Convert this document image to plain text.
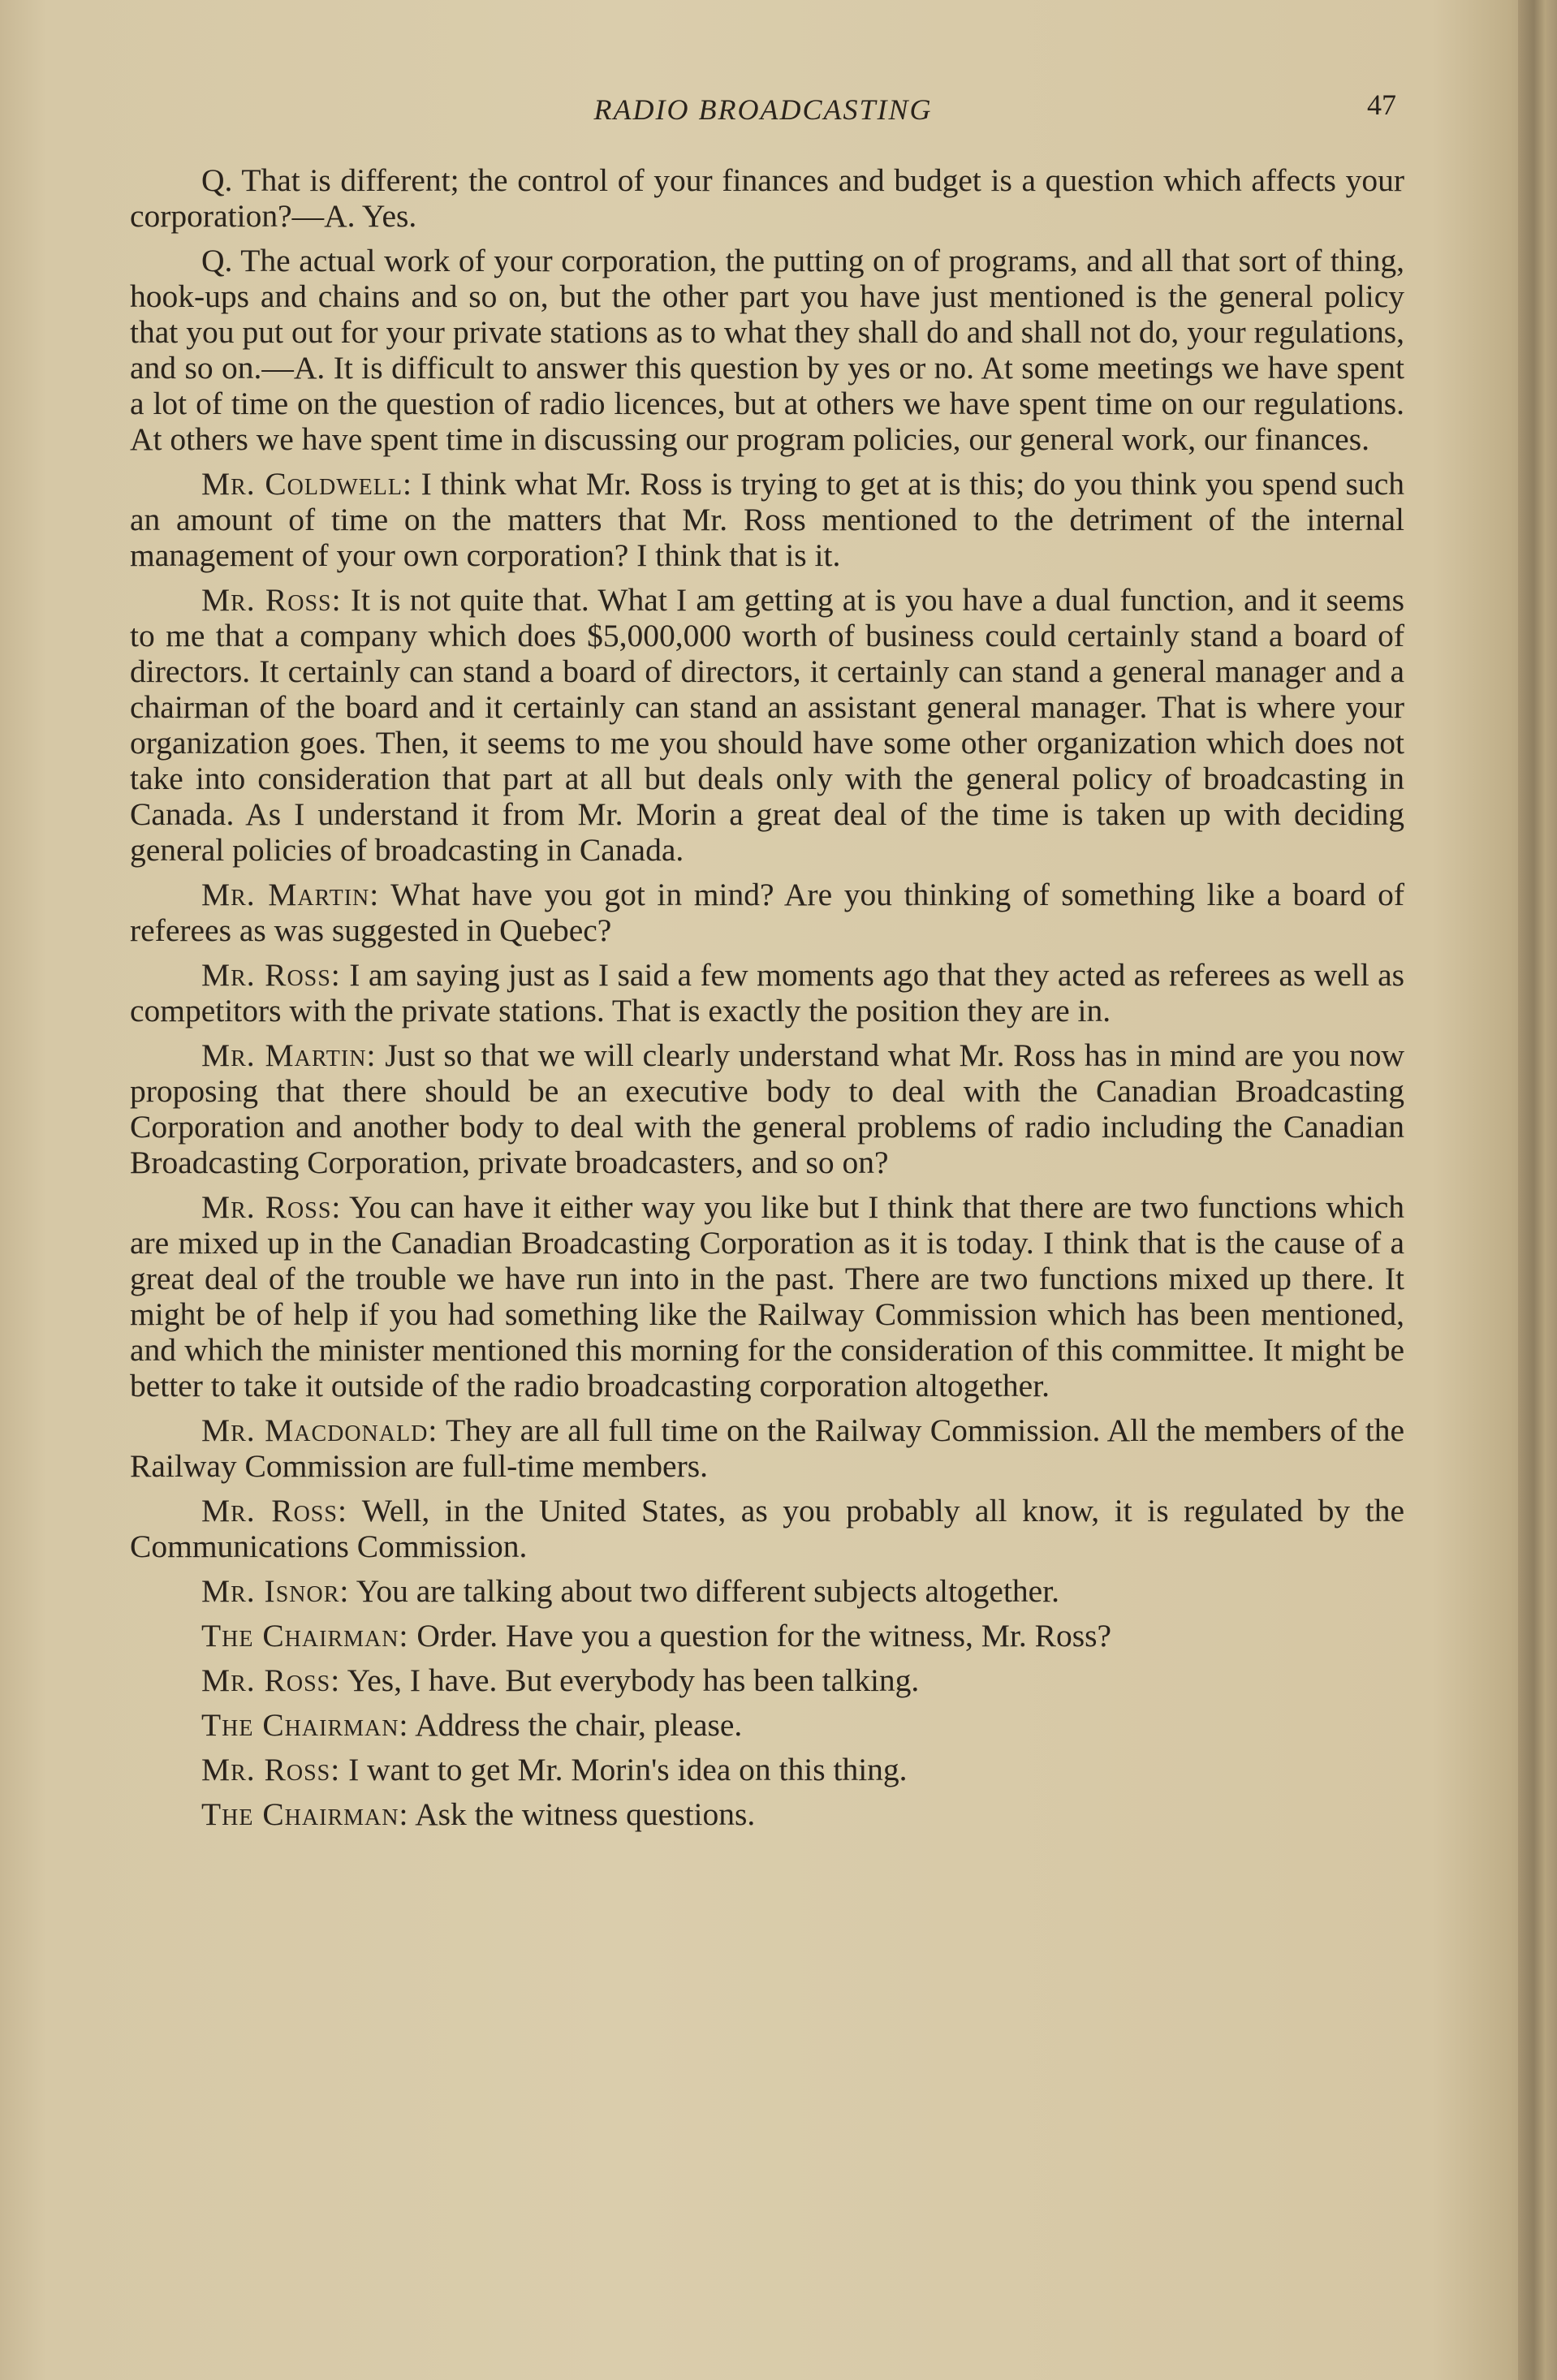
RADIO BROADCASTING	47

Q. That is different; the control of your finances and budget is a question which affects your corporation?—A. Yes.

Q. The actual work of your corporation, the putting on of programs, and all that sort of thing, hook-ups and chains and so on, but the other part you have just mentioned is the general policy that you put out for your private stations as to what they shall do and shall not do, your regulations, and so on.—A. It is difficult to answer this question by yes or no. At some meetings we have spent a lot of time on the question of radio licences, but at others we have spent time on our regulations. At others we have spent time in discussing our program policies, our general work, our finances.

Mr. Coldwell: I think what Mr. Ross is trying to get at is this; do you think you spend such an amount of time on the matters that Mr. Ross mentioned to the detriment of the internal management of your own corporation? I think that is it.

Mr. Ross: It is not quite that. What I am getting at is you have a dual function, and it seems to me that a company which does $5,000,000 worth of business could certainly stand a board of directors. It certainly can stand a board of directors, it certainly can stand a general manager and a chairman of the board and it certainly can stand an assistant general manager. That is where your organization goes. Then, it seems to me you should have some other organization which does not take into consideration that part at all but deals only with the general policy of broadcasting in Canada. As I understand it from Mr. Morin a great deal of the time is taken up with deciding general policies of broadcasting in Canada.

Mr. Martin: What have you got in mind? Are you thinking of something like a board of referees as was suggested in Quebec?

Mr. Ross: I am saying just as I said a few moments ago that they acted as referees as well as competitors with the private stations. That is exactly the position they are in.

Mr. Martin: Just so that we will clearly understand what Mr. Ross has in mind are you now proposing that there should be an executive body to deal with the Canadian Broadcasting Corporation and another body to deal with the general problems of radio including the Canadian Broadcasting Corporation, private broadcasters, and so on?

Mr. Ross: You can have it either way you like but I think that there are two functions which are mixed up in the Canadian Broadcasting Corporation as it is today. I think that is the cause of a great deal of the trouble we have run into in the past. There are two functions mixed up there. It might be of help if you had something like the Railway Commission which has been mentioned, and which the minister mentioned this morning for the consideration of this committee. It might be better to take it outside of the radio broadcasting corporation altogether.

Mr. Macdonald: They are all full time on the Railway Commission. All the members of the Railway Commission are full-time members.

Mr. Ross: Well, in the United States, as you probably all know, it is regulated by the Communications Commission.

Mr. Isnor: You are talking about two different subjects altogether.

The Chairman: Order. Have you a question for the witness, Mr. Ross?

Mr. Ross: Yes, I have. But everybody has been talking.

The Chairman: Address the chair, please.

Mr. Ross: I want to get Mr. Morin's idea on this thing.

The Chairman: Ask the witness questions.
